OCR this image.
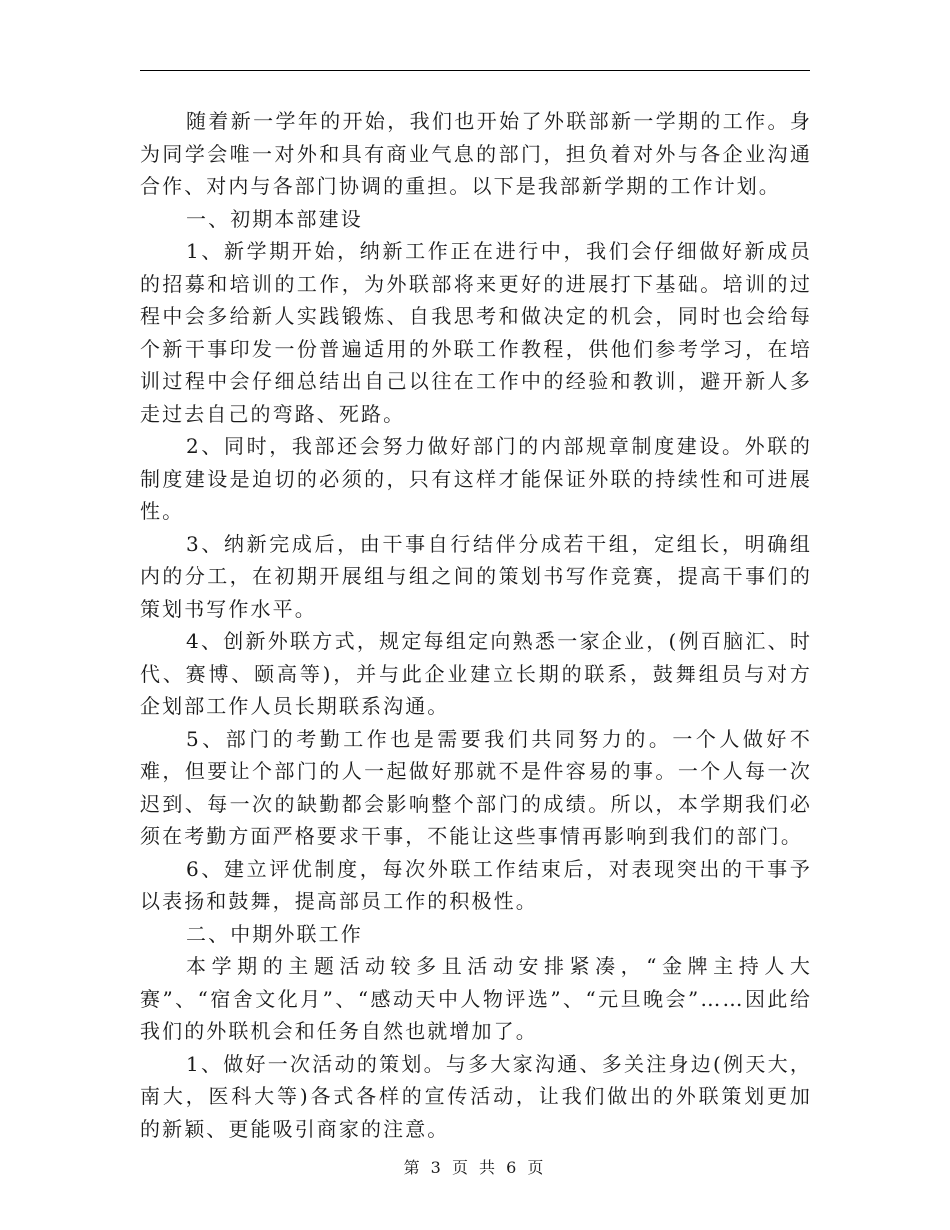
随着新一学年的开始，我们也开始了外联部新一学期的工作。身为同学会唯一对外和具有商业气息的部门，担负着对外与各企业沟通合作、对内与各部门协调的重担。以下是我部新学期的工作计划。

一、初期本部建设

1、新学期开始，纳新工作正在进行中，我们会仔细做好新成员的招募和培训的工作，为外联部将来更好的进展打下基础。培训的过程中会多给新人实践锻炼、自我思考和做决定的机会，同时也会给每个新干事印发一份普遍适用的外联工作教程，供他们参考学习，在培训过程中会仔细总结出自己以往在工作中的经验和教训，避开新人多走过去自己的弯路、死路。

2、同时，我部还会努力做好部门的内部规章制度建设。外联的制度建设是迫切的必须的，只有这样才能保证外联的持续性和可进展性。

3、纳新完成后，由干事自行结伴分成若干组，定组长，明确组内的分工，在初期开展组与组之间的策划书写作竞赛，提高干事们的策划书写作水平。

4、创新外联方式，规定每组定向熟悉一家企业，(例百脑汇、时代、赛博、颐高等)，并与此企业建立长期的联系，鼓舞组员与对方企划部工作人员长期联系沟通。

5、部门的考勤工作也是需要我们共同努力的。一个人做好不难，但要让个部门的人一起做好那就不是件容易的事。一个人每一次迟到、每一次的缺勤都会影响整个部门的成绩。所以，本学期我们必须在考勤方面严格要求干事，不能让这些事情再影响到我们的部门。

6、建立评优制度，每次外联工作结束后，对表现突出的干事予以表扬和鼓舞，提高部员工作的积极性。

二、中期外联工作

本学期的主题活动较多且活动安排紧凑，“金牌主持人大赛”、“宿舍文化月”、“感动天中人物评选”、“元旦晚会”……因此给我们的外联机会和任务自然也就增加了。

1、做好一次活动的策划。与多大家沟通、多关注身边(例天大，南大，医科大等)各式各样的宣传活动，让我们做出的外联策划更加的新颖、更能吸引商家的注意。

第 3 页 共 6 页
